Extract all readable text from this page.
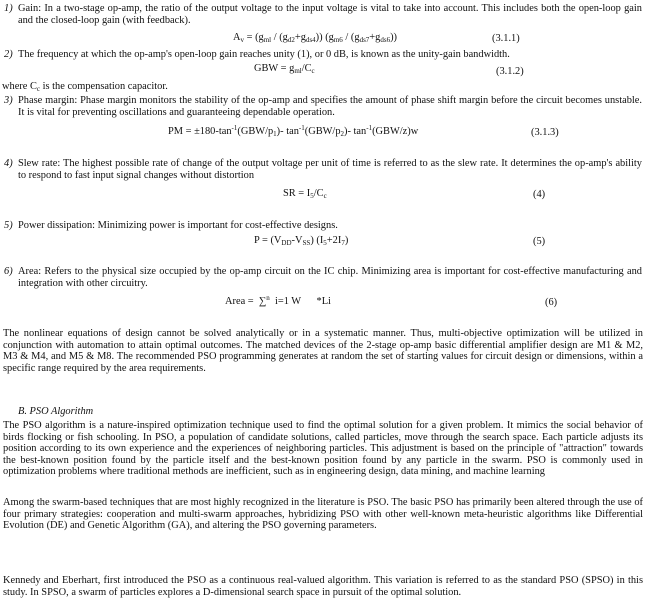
1) Gain: In a two-stage op-amp, the ratio of the output voltage to the input voltage is vital to take into account. This includes both the open-loop gain and the closed-loop gain (with feedback).
$A_v = (g_{ml} / (g_{d2}+g_{ds4}))$ $(g_{m6} / (g_{ds7}+g_{ds6}))$	(3.1.1)
2) The frequency at which the op-amp's open-loop gain reaches unity (1), or 0 dB, is known as the unity-gain bandwidth.
GBW = $g_{ml}/C_c$	(3.1.2)
where $C_c$ is the compensation capacitor.
3) Phase margin: Phase margin monitors the stability of the op-amp and specifies the amount of phase shift margin before the circuit becomes unstable. It is vital for preventing oscillations and guaranteeing dependable operation.
PM = $\pm 180-\tan^{-1}(GBW/p_1)-$ $\tan^{-1}(GBW/p_2)-$ $\tan^{-1}(GBW/z)w$	(3.1.3)
4) Slew rate: The highest possible rate of change of the output voltage per unit of time is referred to as the slew rate. It determines the op-amp's ability to respond to fast input signal changes without distortion
SR = $I_5/C_c$	(4)
5) Power dissipation: Minimizing power is important for cost-effective designs.
$P = (V_{DD}-V_{SS})$ $(I_5+2I_7)$	(5)
6) Area: Refers to the physical size occupied by the op-amp circuit on the IC chip. Minimizing area is important for cost-effective manufacturing and integration with other circuitry.
Area =  ∑$^n$  i=1 W      *Li	(6)
The nonlinear equations of design cannot be solved analytically or in a systematic manner. Thus, multi-objective optimization will be utilized in conjunction with automation to attain optimal outcomes. The matched devices of the 2-stage op-amp basic differential amplifier design are M1 & M2, M3 & M4, and M5 & M8. The recommended PSO programming generates at random the set of starting values for circuit design or dimensions, within a specific range required by the area requirements.
B. PSO Algorithm
The PSO algorithm is a nature-inspired optimization technique used to find the optimal solution for a given problem. It mimics the social behavior of birds flocking or fish schooling. In PSO, a population of candidate solutions, called particles, move through the search space. Each particle adjusts its position according to its own experience and the experiences of neighboring particles. This adjustment is based on the principle of "attraction" towards the best-known position found by the particle itself and the best-known position found by any particle in the swarm. PSO is commonly used in optimization problems where traditional methods are inefficient, such as in engineering design, data mining, and machine learning
Among the swarm-based techniques that are most highly recognized in the literature is PSO. The basic PSO has primarily been altered through the use of four primary strategies: cooperation and multi-swarm approaches, hybridizing PSO with other well-known meta-heuristic algorithms like Differential Evolution (DE) and Genetic Algorithm (GA), and altering the PSO governing parameters.
Kennedy and Eberhart, first introduced the PSO as a continuous real-valued algorithm. This variation is referred to as the standard PSO (SPSO) in this study. In SPSO, a swarm of particles explores a D-dimensional search space in pursuit of the optimal solution.
